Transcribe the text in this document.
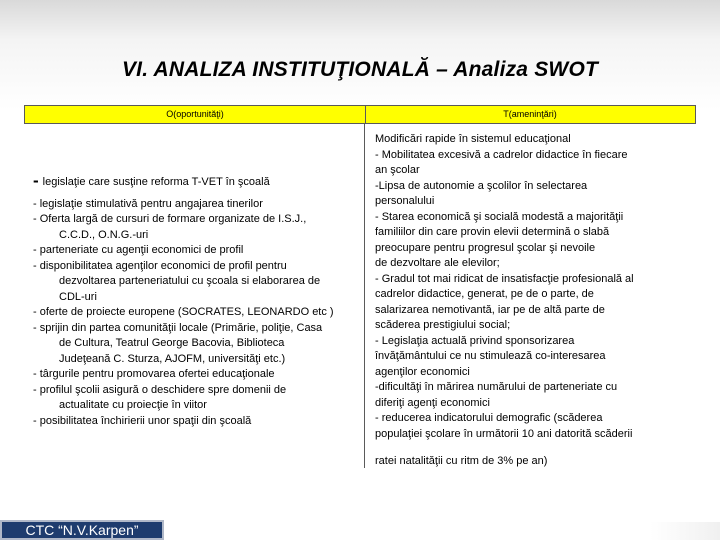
VI. ANALIZA INSTITUŢIONALĂ – Analiza SWOT
O(oportunităţi)	T(ameninţări)
- legislaţie care susţine reforma T-VET în şcoală
- legislaţie stimulativă pentru angajarea tinerilor
- Oferta largă de cursuri de formare organizate de I.S.J.,
C.C.D., O.N.G.-uri
- parteneriate cu agenţii economici de profil
- disponibilitatea agenţilor economici de profil pentru
dezvoltarea parteneriatului cu şcoala si elaborarea de
CDL-uri
- oferte de proiecte europene (SOCRATES, LEONARDO etc )
- sprijin din partea comunităţii locale (Primărie, poliţie, Casa
de Cultura, Teatrul George Bacovia, Biblioteca
Judeţeană C. Sturza, AJOFM, universităţi etc.)
- târgurile pentru promovarea ofertei educaţionale
- profilul şcolii asigură o deschidere spre domenii de
actualitate cu proiecţie în viitor
- posibilitatea închirierii unor spaţii din şcoală
Modificări rapide în sistemul educaţional
- Mobilitatea excesivă a cadrelor didactice în fiecare
an şcolar
-Lipsa de autonomie a şcolilor în selectarea
personalului
- Starea economică şi socială modestă a majorităţii
familiilor din care provin elevii determină o slabă
preocupare pentru progresul şcolar şi nevoile
de dezvoltare ale elevilor;
- Gradul tot mai ridicat de insatisfacţie profesională al
cadrelor didactice, generat, pe de o parte, de
salarizarea nemotivantă, iar pe de altă parte de
scăderea prestigiului social;
- Legislaţia actuală privind sponsorizarea
învăţământului ce nu stimulează co-interesarea
agenţilor economici
-dificultăţi în mărirea numărului de parteneriate cu
diferiţi agenţi economici
- reducerea indicatorului demografic (scăderea
populaţiei şcolare în următorii 10 ani datorită scăderii
ratei natalităţii cu ritm de 3% pe an)
CTC “N.V.Karpen”
